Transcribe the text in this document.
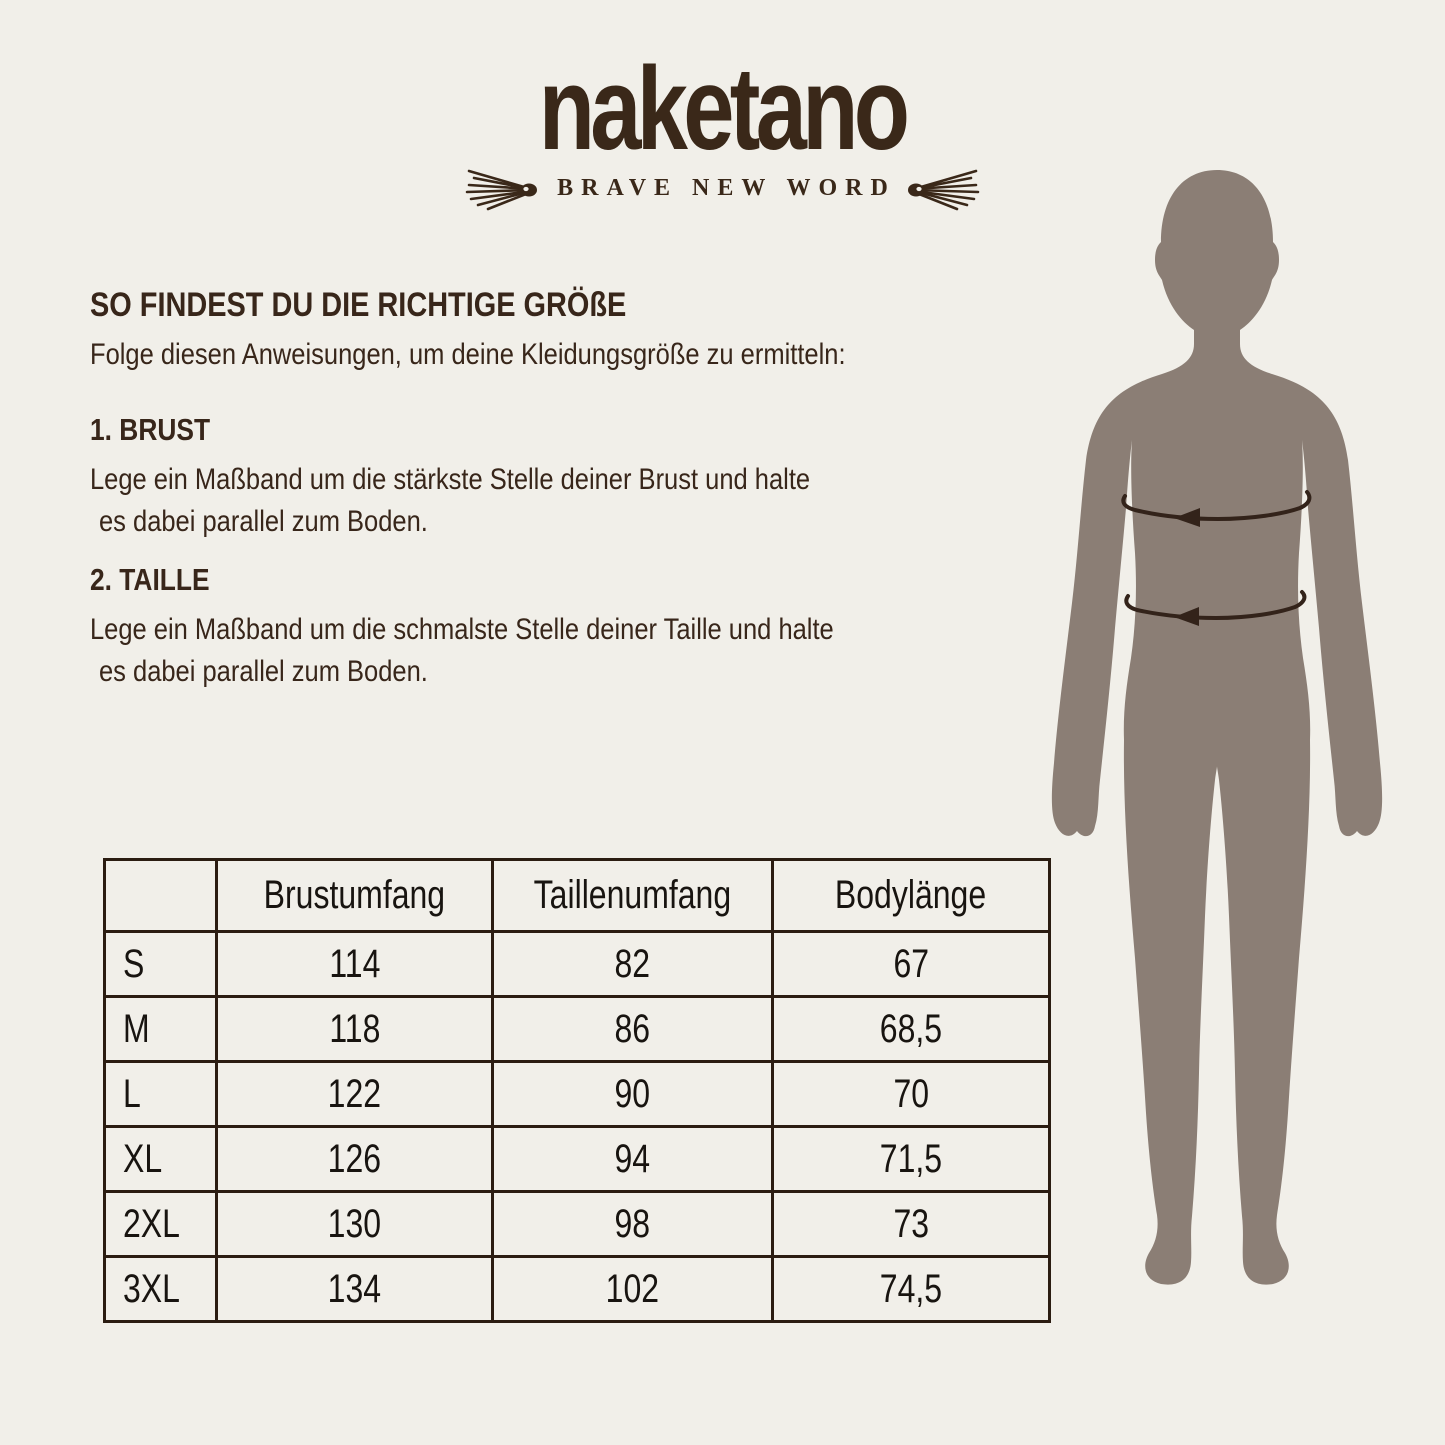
naketano
BRAVE NEW WORD
SO FINDEST DU DIE RICHTIGE GRÖßE
Folge diesen Anweisungen, um deine Kleidungsgröße zu ermitteln:
1. BRUST
Lege ein Maßband um die stärkste Stelle deiner Brust und halte
es dabei parallel zum Boden.
2. TAILLE
Lege ein Maßband um die schmalste Stelle deiner Taille und halte
es dabei parallel zum Boden.
	Brustumfang	Taillenumfang	Bodylänge
S	114	82	67
M	118	86	68,5
L	122	90	70
XL	126	94	71,5
2XL	130	98	73
3XL	134	102	74,5
